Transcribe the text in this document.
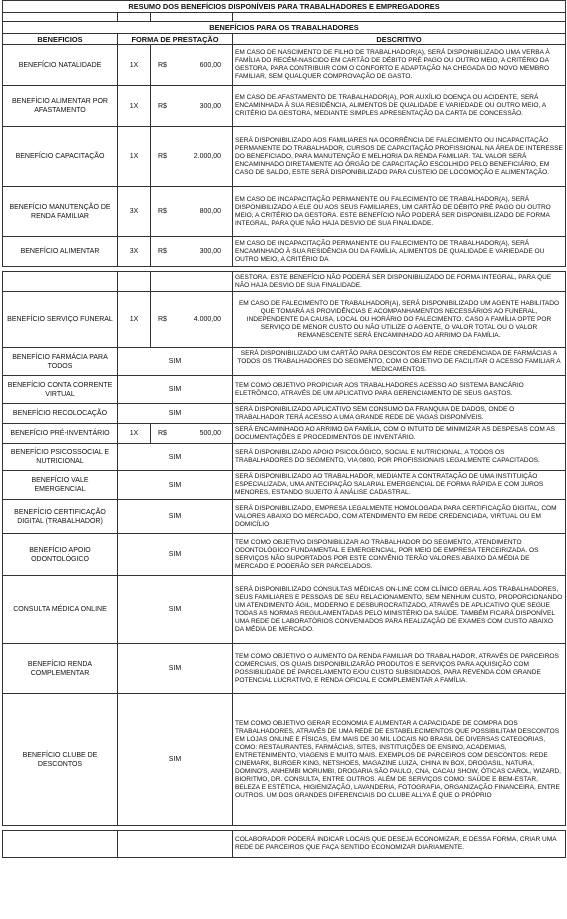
RESUMO DOS BENEFÍCIOS DISPONÍVEIS PARA TRABALHADORES E EMPREGADORES			

BENEFÍCIOS PARA OS TRABALHADORES			
BENEFICIOS	FORMA DE PRESTAÇÃO		DESCRITIVO
BENEFÍCIO NATALIDADE	1X	R$ 600,00	EM CASO DE NASCIMENTO DE FILHO DE TRABALHADOR(A), SERÁ DISPONIBILIZADO UMA VERBA À FAMÍLIA DO RECÉM-NASCIDO EM CARTÃO DE DÉBITO PRÉ PAGO OU OUTRO MEIO, A CRITÉRIO DA GESTORA, PARA CONTRIBUIR COM O CONFORTO E ADAPTAÇÃO NA CHEGADA DO NOVO MEMBRO FAMILIAR, SEM QUALQUER COMPROVAÇÃO DE GASTO.
BENEFÍCIO ALIMENTAR POR AFASTAMENTO	1X	R$ 300,00	EM CASO DE AFASTAMENTO DE TRABALHADOR(A), POR AUXÍLIO DOENÇA OU ACIDENTE, SERÁ ENCAMINHADA À SUA RESIDÊNCIA, ALIMENTOS DE QUALIDADE E VARIEDADE OU OUTRO MEIO, A CRITÉRIO DA GESTORA, MEDIANTE SIMPLES APRESENTAÇÃO DA CARTA DE CONCESSÃO.
BENEFÍCIO CAPACITAÇÃO	1X	R$ 2.000,00	SERÁ DISPONIBILIZADO AOS FAMILIARES NA OCORRÊNCIA DE FALECIMENTO OU INCAPACITAÇÃO PERMANENTE DO TRABALHADOR, CURSOS DE CAPACITAÇÃO PROFISSIONAL NA ÁREA DE INTERESSE DO BENEFICIADO, PARA MANUTENÇÃO E MELHORIA DA RENDA FAMILIAR. TAL VALOR SERÁ ENCAMINHADO DIRETAMENTE AO ÓRGÃO DE CAPACITAÇÃO ESCOLHIDO PELO BENEFICIÁRIO, EM CASO DE SALDO, ESTE SERÁ DISPONIBILIZADO PARA CUSTEIO DE LOCOMOÇÃO E ALIMENTAÇÃO.
BENEFÍCIO MANUTENÇÃO DE RENDA FAMILIAR	3X	R$ 800,00	EM CASO DE INCAPACITAÇÃO PERMANENTE OU FALECIMENTO DE TRABALHADOR(A), SERÁ DISPONIBILIZADO A ELE OU AOS SEUS FAMILIARES, UM CARTÃO DE DÉBITO PRÉ PAGO OU OUTRO MEIO, A CRITÉRIO DA GESTORA. ESTE BENEFÍCIO NÃO PODERÁ SER DISPONIBILIZADO DE FORMA INTEGRAL, PARA QUE NÃO HAJA DESVIO DE SUA FINALIDADE.
BENEFÍCIO ALIMENTAR	3X	R$ 300,00	EM CASO DE INCAPACITAÇÃO PERMANENTE OU FALECIMENTO DE TRABALHADOR(A), SERÁ ENCAMINHADO À SUA RESIDÊNCIA OU DA FAMÍLIA, ALIMENTOS DE QUALIDADE E VARIEDADE OU OUTRO MEIO, A CRITÉRIO DA

	GESTORA. ESTE BENEFÍCIO NÃO PODERÁ SER DISPONIBILIZADO DE FORMA INTEGRAL, PARA QUE NÃO HAJA DESVIO DE SUA FINALIDADE.
BENEFÍCIO SERVIÇO FUNERAL	1X	R$ 4.000,00	EM CASO DE FALECIMENTO DE TRABALHADOR(A), SERÁ DISPONIBILIZADO UM AGENTE HABILITADO QUE TOMARÁ AS PROVIDÊNCIAS E ACOMPANHAMENTOS NECESSÁRIOS AO FUNERAL, INDEPENDENTE DA CAUSA, LOCAL OU HORÁRIO DO FALECIMENTO. CASO A FAMÍLIA OPTE POR SERVIÇO DE MENOR CUSTO OU NÃO UTILIZE O AGENTE, O VALOR TOTAL OU O VALOR REMANESCENTE SERÁ ENCAMINHADO AO ARRIMO DA FAMÍLIA.
BENEFÍCIO FARMÁCIA PARA TODOS	SIM		SERÁ DISPONIBILIZADO UM CARTÃO PARA DESCONTOS EM REDE CREDENCIADA DE FARMÁCIAS A TODOS OS TRABALHADORES DO SEGMENTO, COM O OBJETIVO DE FACILITAR O ACESSO FAMILIAR A MEDICAMENTOS.
BENEFÍCIO CONTA CORRENTE VIRTUAL	SIM		TEM COMO OBJETIVO PROPICIAR AOS TRABALHADORES ACESSO AO SISTEMA BANCÁRIO ELETRÔNICO, ATRAVÉS DE UM APLICATIVO PARA GERENCIAMENTO DE SEUS GASTOS.
BENEFÍCIO RECOLOCAÇÃO	SIM		SERÁ DISPONIBILIZADO APLICATIVO SEM CONSUMO DA FRANQUIA DE DADOS, ONDE O TRABALHADOR TERÁ ACESSO A UMA GRANDE REDE DE VAGAS DISPONÍVEIS.
BENEFÍCIO PRÉ-INVENTÁRIO	1X	R$ 500,00	SERÁ ENCAMINHADO AO ARRIMO DA FAMÍLIA, COM O INTUITO DE MINIMIZAR AS DESPESAS COM AS DOCUMENTAÇÕES E PROCEDIMENTOS DE INVENTÁRIO.
BENEFÍCIO PSICOSSOCIAL E NUTRICIONAL	SIM		SERÁ DISPONIBILIZADO APOIO PSICOLÓGICO, SOCIAL E NUTRICIONAL, A TODOS OS TRABALHADORES DO SEGMENTO, VIA 0800, POR PROFISSIONAIS LEGALMENTE CAPACITADOS.
BENEFÍCIO VALE EMERGENCIAL	SIM		SERÁ DISPONIBILIZADO AO TRABALHADOR, MEDIANTE A CONTRATAÇÃO DE UMA INSTITUIÇÃO ESPECIALIZADA, UMA ANTECIPAÇÃO SALARIAL EMERGENCIAL DE FORMA RÁPIDA E COM JUROS MENORES, ESTANDO SUJEITO À ANÁLISE CADASTRAL.
BENEFÍCIO CERTIFICAÇÃO DIGITAL (TRABALHADOR)	SIM		SERÁ DISPONIBILIZADO, EMPRESA LEGALMENTE HOMOLOGADA PARA CERTIFICAÇÃO DIGITAL, COM VALORES ABAIXO DO MERCADO, COM ATENDIMENTO EM REDE CREDENCIADA, VIRTUAL OU EM DOMICÍLIO
BENEFÍCIO APOIO ODONTOLÓGICO	SIM		TEM COMO OBJETIVO DISPONIBILIZAR AO TRABALHADOR DO SEGMENTO, ATENDIMENTO ODONTOLÓGICO FUNDAMENTAL E EMERGENCIAL, POR MEIO DE EMPRESA TERCEIRIZADA. OS SERVIÇOS NÃO SUPORTADOS POR ESTE CONVÊNIO TERÃO VALORES ABAIXO DA MÉDIA DE MERCADO E PODERÃO SER PARCELADOS.
CONSULTA MÉDICA ONLINE	SIM		SERÁ DISPONIBILIZADO CONSULTAS MÉDICAS ON-LINE COM CLÍNICO GERAL AOS TRABALHADORES, SEUS FAMILIARES E PESSOAS DE SEU RELACIONAMENTO, SEM NENHUM CUSTO, PROPORCIONANDO UM ATENDIMENTO ÁGIL, MODERNO E DESBUROCRATIZADO, ATRAVÉS DE APLICATIVO QUE SEGUE TODAS AS NORMAS REGULAMENTADAS PELO MINISTÉRIO DA SAÚDE. TAMBÉM FICARÁ DISPONÍVEL UMA REDE DE LABORATÓRIOS CONVENIADOS PARA REALIZAÇÃO DE EXAMES COM CUSTO ABAIXO DA MÉDIA DE MERCADO.
BENEFÍCIO RENDA COMPLEMENTAR	SIM		TEM COMO OBJETIVO O AUMENTO DA RENDA FAMILIAR DO TRABALHADOR, ATRAVÉS DE PARCEIROS COMERCIAIS, OS QUAIS DISPONIBILIZARÃO PRODUTOS E SERVIÇOS PARA AQUISIÇÃO COM POSSIBILIDADE DE PARCELAMENTO E/OU CUSTO SUBSIDIADOS, PARA REVENDA COM GRANDE POTENCIAL LUCRATIVO, E RENDA OFICIAL E COMPLEMENTAR A FAMÍLIA.
BENEFÍCIO CLUBE DE DESCONTOS	SIM		TEM COMO OBJETIVO GERAR ECONOMIA E AUMENTAR A CAPACIDADE DE COMPRA DOS TRABALHADORES, ATRAVÉS DE UMA REDE DE ESTABELECIMENTOS QUE POSSIBILITAM DESCONTOS EM LOJAS ONLINE E FÍSICAS, EM MAIS DE 30 MIL LOCAIS NO BRASIL DE DIVERSAS CATEGORIAS, COMO: RESTAURANTES, FARMÁCIAS, SITES, INSTITUIÇÕES DE ENSINO, ACADEMIAS, ENTRETENIMENTO, VIAGENS E MUITO MAIS. EXEMPLOS DE PARCEIROS COM DESCONTOS: REDE CINEMARK, BURGER KING, NETSHOES, MAGAZINE LUIZA, CHINA IN BOX, DROGASIL, NATURA, DOMINO'S, ANHEMBI MORUMBI, DROGARIA SÃO PAULO, CNA, CACAU SHOW, ÓTICAS CAROL, WIZARD, BIORITMO, DR. CONSULTA, ENTRE OUTROS. ALÉM DE SERVIÇOS COMO: SAÚDE E BEM-ESTAR, BELEZA E ESTÉTICA, HIGIENIZAÇÃO, LAVANDERIA, FOTOGRAFIA, ORGANIZAÇÃO FINANCEIRA, ENTRE OUTROS. UM DOS GRANDES DIFERENCIAIS DO CLUBE ALLYA É QUE O PRÓPRIO

			COLABORADOR PODERÁ INDICAR LOCAIS QUE DESEJA ECONOMIZAR, E DESSA FORMA, CRIAR UMA REDE DE PARCEIROS QUE FAÇA SENTIDO ECONOMIZAR DIARIAMENTE.
